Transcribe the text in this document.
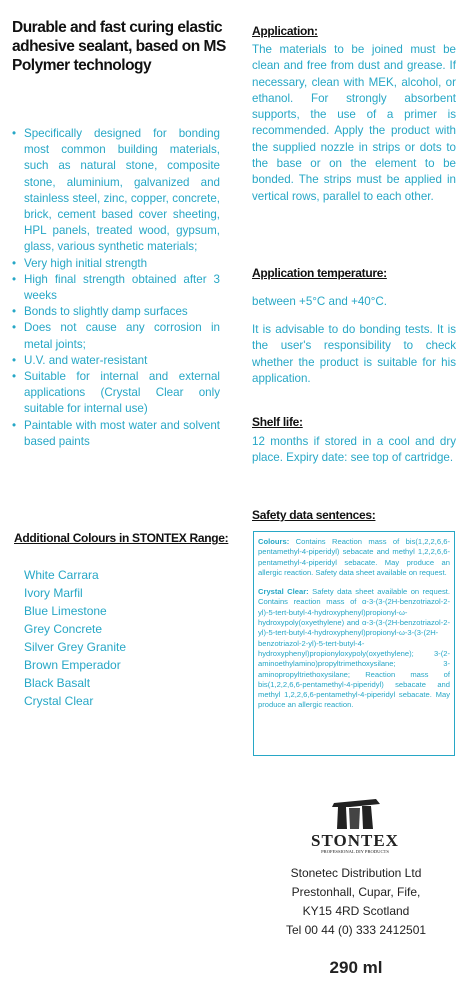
Durable and fast curing elastic adhesive sealant, based on MS Polymer technology
• Specifically designed for bonding most common building materials, such as natural stone, composite stone, aluminium, galvanized and stainless steel, zinc, copper, concrete, brick, cement based cover sheeting, HPL panels, treated wood, gypsum, glass, various synthetic materials;
• Very high initial strength
• High final strength obtained after 3 weeks
• Bonds to slightly damp surfaces
• Does not cause any corrosion in metal joints;
• U.V. and water-resistant
• Suitable for internal and external applications (Crystal Clear only suitable for internal use)
• Paintable with most water and solvent based paints
Additional Colours in STONTEX Range:
White Carrara
Ivory Marfil
Blue Limestone
Grey Concrete
Silver Grey Granite
Brown Emperador
Black Basalt
Crystal Clear
Application:

The materials to be joined must be clean and free from dust and grease. If necessary, clean with MEK, alcohol, or ethanol. For strongly absorbent supports, the use of a primer is recommended. Apply the product with the supplied nozzle in strips or dots to the base or on the element to be bonded. The strips must be applied in vertical rows, parallel to each other.

Application temperature:

between +5°C and +40°C.

It is advisable to do bonding tests. It is the user's responsibility to check whether the product is suitable for his application.

Shelf life:

12 months if stored in a cool and dry place. Expiry date: see top of cartridge.

Safety data sentences:

Colours: Contains Reaction mass of bis(1,2,2,6,6-pentamethyl-4-piperidyl) sebacate and methyl 1,2,2,6,6-pentamethyl-4-piperidyl sebacate. May produce an allergic reaction. Safety data sheet available on request.

Crystal Clear: Safety data sheet available on request. Contains reaction mass of α-3-(3-(2H-benzotriazol-2-yl)-5-tert-butyl-4-hydroxyphenyl)propionyl-ω-hydroxypoly(oxyethylene) and α-3-(3-(2H-benzotriazol-2-yl)-5-tert-butyl-4-hydroxyphenyl)propionyl-ω-3-(3-(2H-benzotriazol-2-yl)-5-tert-butyl-4-hydroxyphenyl)propionyloxypoly(oxyethylene); 3-(2-aminoethylamino)propyltrimethoxysilane; 3-aminopropyltriethoxysilane; Reaction mass of bis(1,2,2,6,6-pentamethyl-4-piperidyl) sebacate and methyl 1,2,2,6,6-pentamethyl-4-piperidyl sebacate. May produce an allergic reaction.

STONTEX
PROFESSIONAL DIY PRODUCTS
Stonetec Distribution Ltd
Prestonhall, Cupar, Fife,
KY15 4RD Scotland
Tel 00 44 (0) 333 2412501
290 ml
